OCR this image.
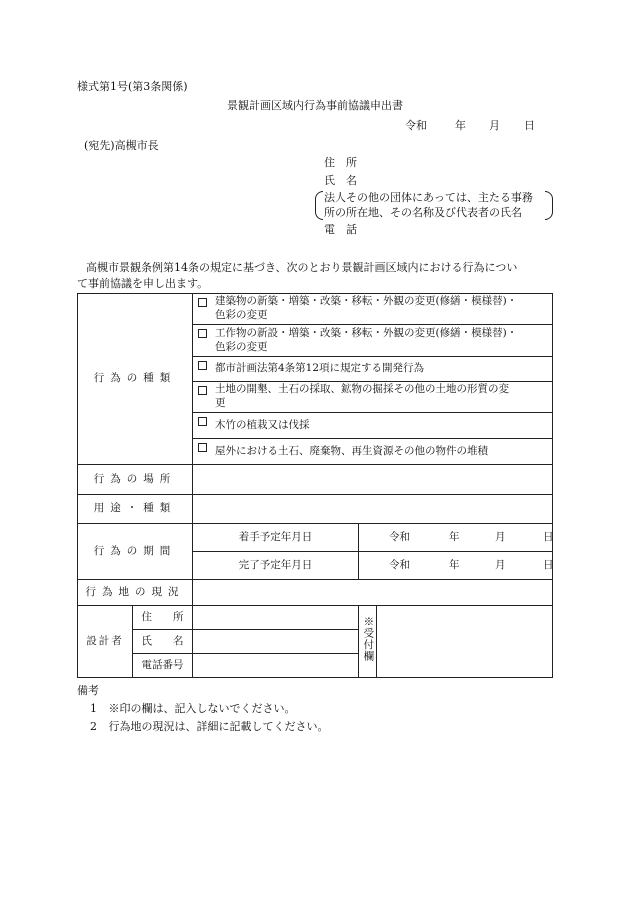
様式第1号(第3条関係)
景観計画区域内行為事前協議申出書
令和	年 月 日
(宛先)高槻市長
住　所
氏　名
法人その他の団体にあっては、主たる事務
所の所在地、その名称及び代表者の氏名
電　話
高槻市景観条例第14条の規定に基づき、次のとおり景観計画区域内における行為につい
て事前協議を申し出ます。
行為の種類		建築物の新築・増築・改築・移転・外観の変更(修繕・模様替)・
色彩の変更		

		工作物の新設・増築・改築・移転・外観の変更(修繕・模様替)・
色彩の変更		

		都市計画法第4条第12項に規定する開発行為		

		土地の開墾、土石の採取、鉱物の掘採その他の土地の形質の変
更		

		木竹の植栽又は伐採		

		屋外における土石、廃棄物、再生資源その他の物件の堆積		

行為の場所				
用途・種類				
行為の期間		着手予定年月日	令和 年 月 日	

		完了予定年月日	令和 年 月 日	

行為地の現況				
設計者	住　　所		※受付欄	
	氏　　名			
	電話番号			
備考
1 ※印の欄は、記入しないでください。
2 行為地の現況は、詳細に記載してください。
